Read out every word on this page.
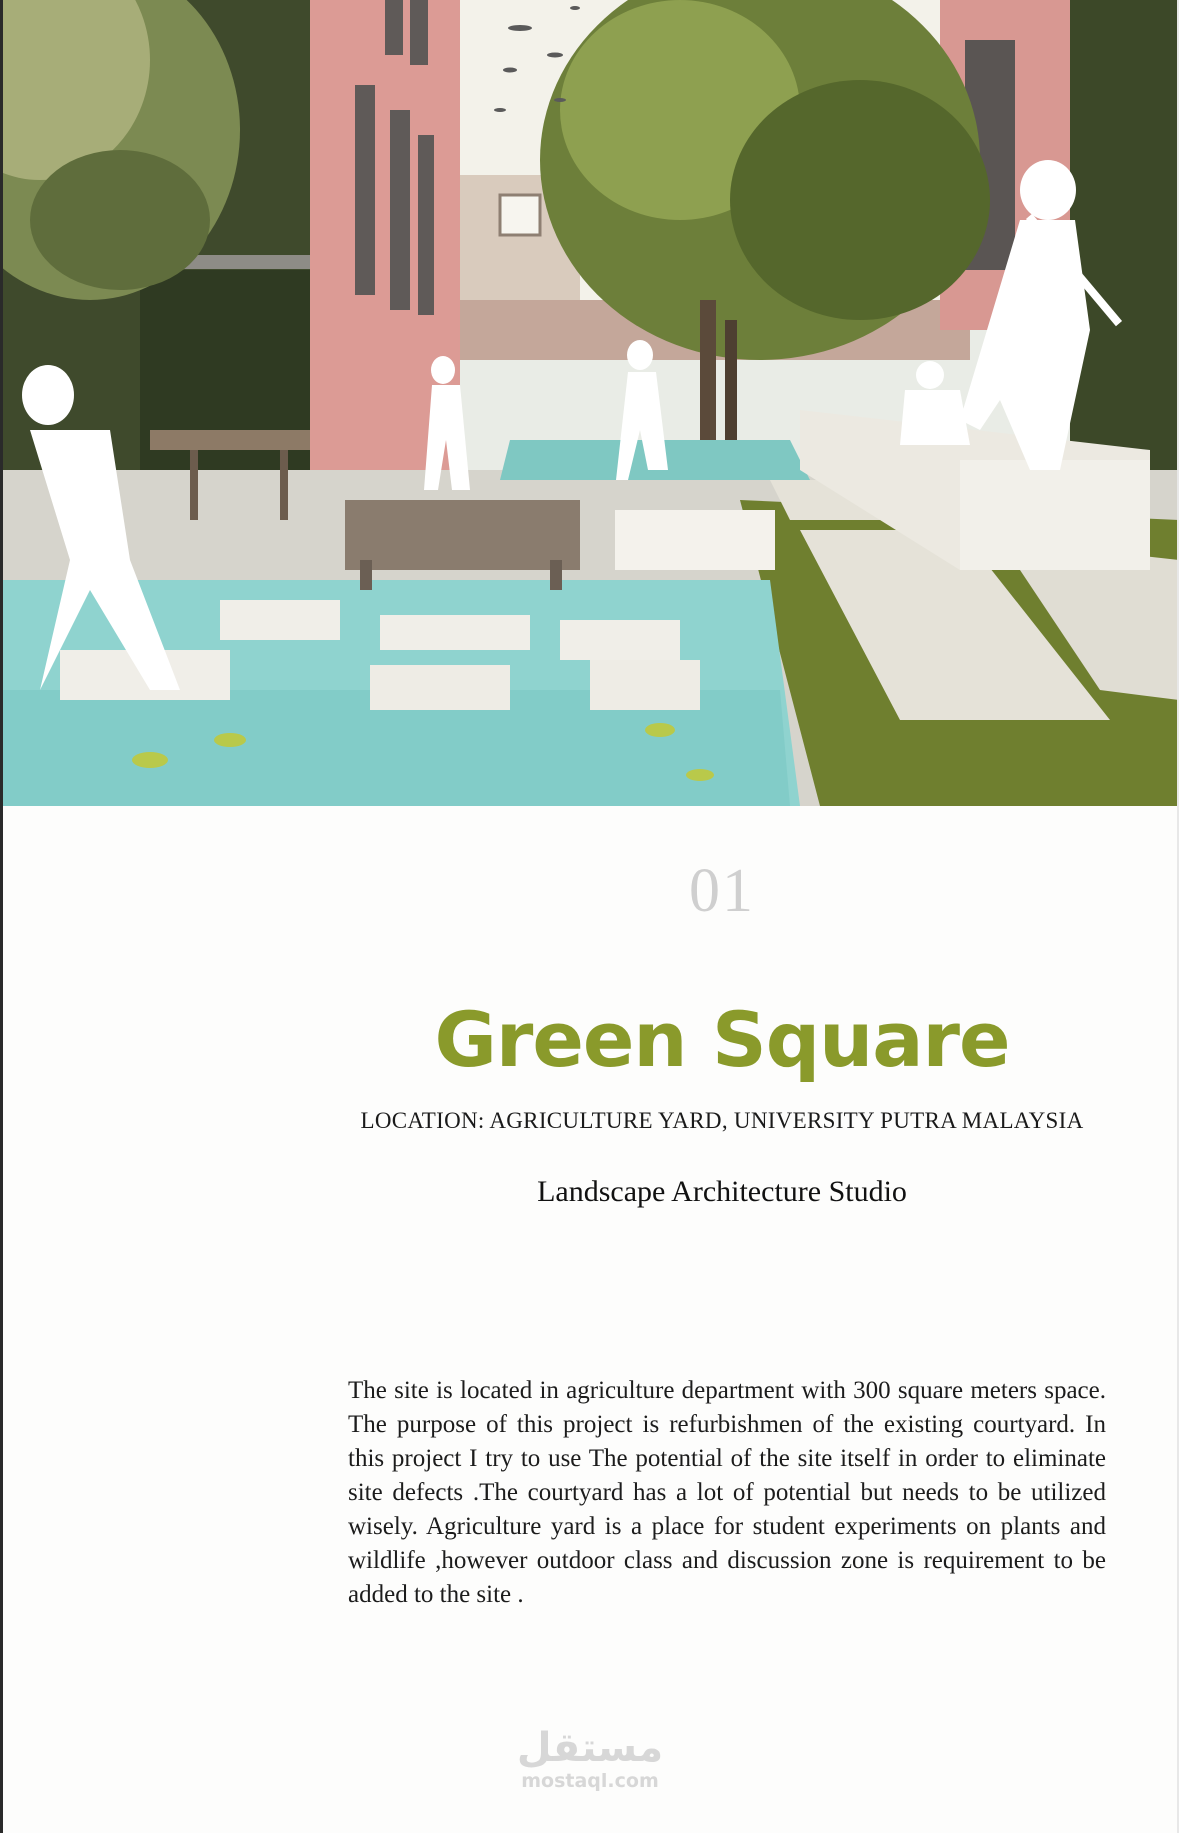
01
Green Square
LOCATION: AGRICULTURE YARD, UNIVERSITY PUTRA MALAYSIA
Landscape Architecture Studio
The site is located in agriculture department with 300 square meters space. The purpose of this project is refurbishmen of the existing courtyard. In this project I try to use The potential of the site itself in order to eliminate site defects .The courtyard has a lot of potential but needs to be utilized wisely. Agriculture yard is a place for student experiments on plants and wildlife ,however outdoor class and discussion zone is requirement to be added to the site .
مستقل
mostaql.com
